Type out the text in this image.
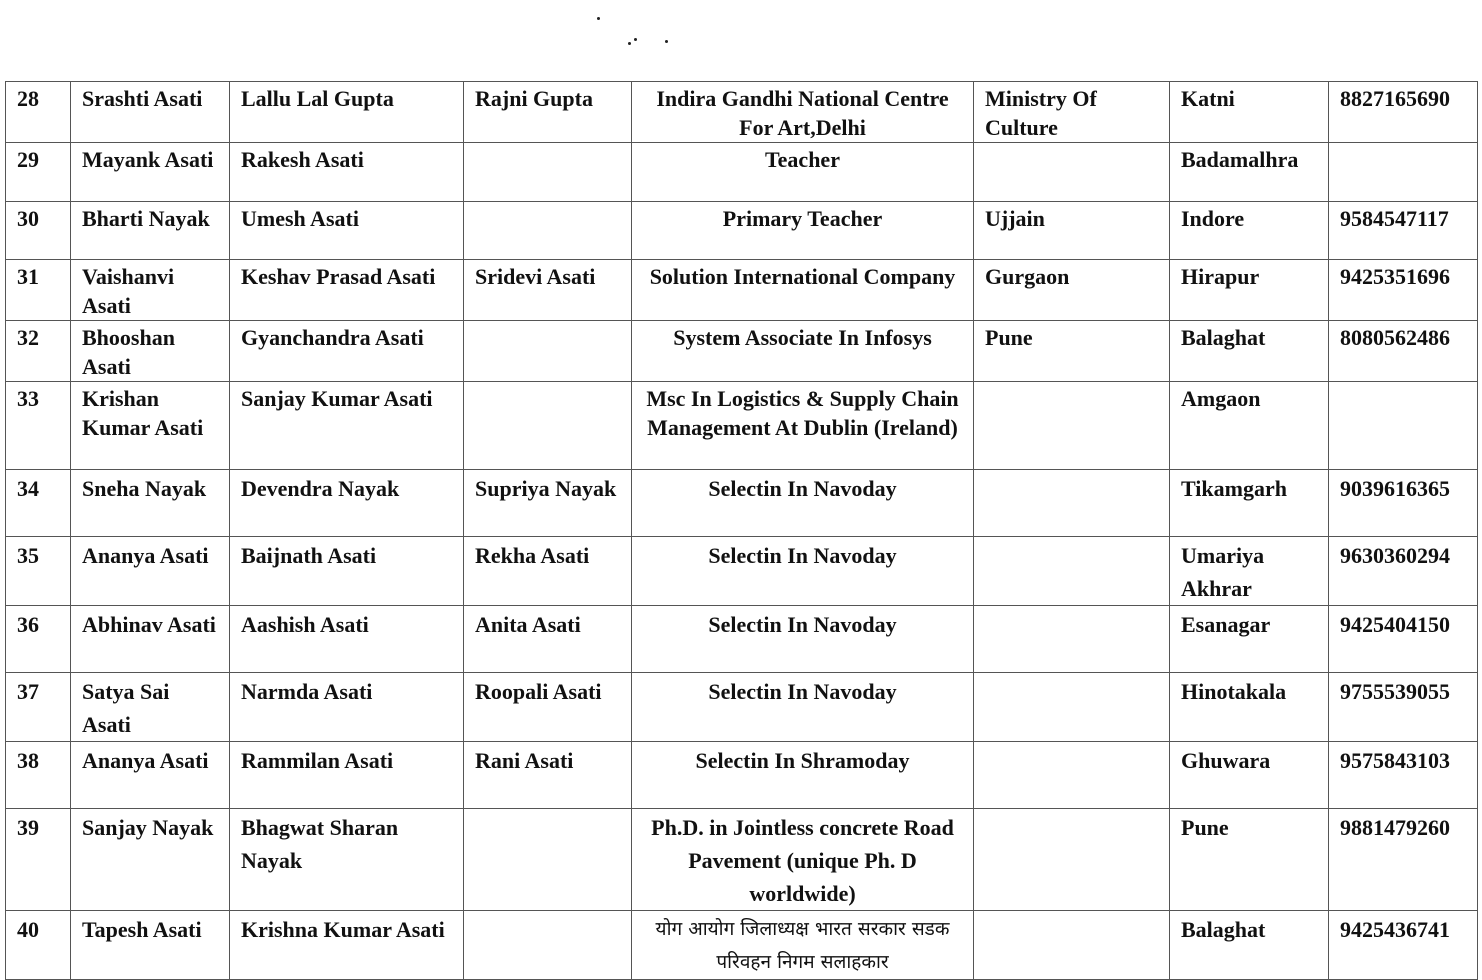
28	Srashti Asati	Lallu Lal Gupta	Rajni Gupta	Indira Gandhi National Centre For Art,Delhi	Ministry Of Culture	Katni	8827165690
29	Mayank Asati	Rakesh Asati		Teacher		Badamalhra	
30	Bharti Nayak	Umesh Asati		Primary Teacher	Ujjain	Indore	9584547117
31	Vaishanvi Asati	Keshav Prasad Asati	Sridevi Asati	Solution International Company	Gurgaon	Hirapur	9425351696
32	Bhooshan Asati	Gyanchandra Asati		System Associate In Infosys	Pune	Balaghat	8080562486
33	Krishan Kumar Asati	Sanjay Kumar Asati		Msc In Logistics & Supply Chain Management At Dublin (Ireland)		Amgaon	
34	Sneha Nayak	Devendra Nayak	Supriya Nayak	Selectin In Navoday		Tikamgarh	9039616365
35	Ananya Asati	Baijnath Asati	Rekha Asati	Selectin In Navoday		Umariya Akhrar	9630360294
36	Abhinav Asati	Aashish Asati	Anita Asati	Selectin In Navoday		Esanagar	9425404150
37	Satya Sai Asati	Narmda Asati	Roopali Asati	Selectin In Navoday		Hinotakala	9755539055
38	Ananya Asati	Rammilan Asati	Rani Asati	Selectin In Shramoday		Ghuwara	9575843103
39	Sanjay Nayak	Bhagwat Sharan Nayak		Ph.D. in Jointless concrete Road Pavement (unique Ph. D worldwide)		Pune	9881479260
40	Tapesh Asati	Krishna Kumar Asati		योग आयोग जिलाध्यक्ष भारत सरकार सडक परिवहन निगम सलाहकार		Balaghat	9425436741
